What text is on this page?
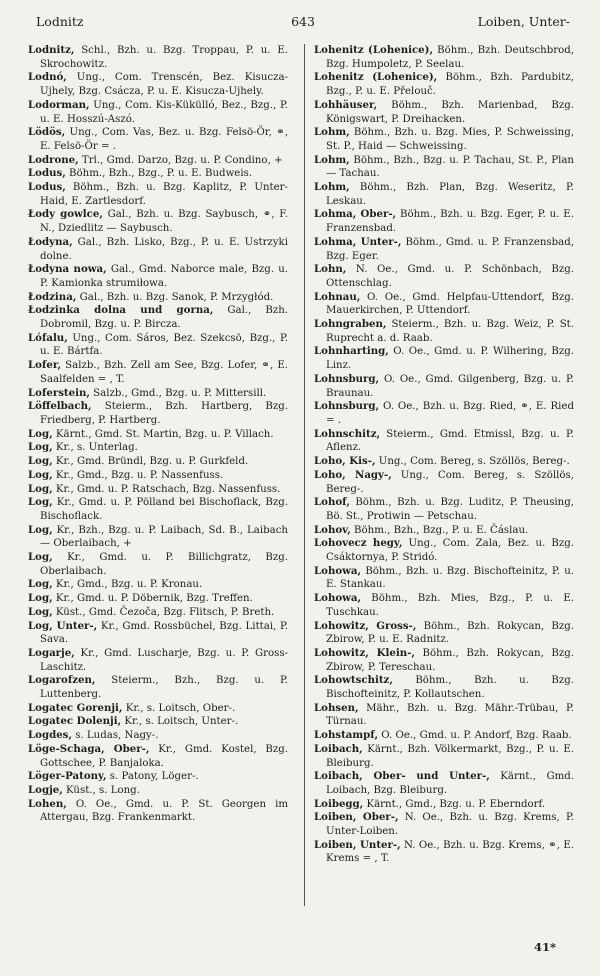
Lodnitz	643	Loiben, Unter-
Lodnitz, Schl., Bzh. u. Bzg. Troppau, P. u. E. Skrochowitz.
Lodnó, Ung., Com. Trenscén, Bez. Kisucza-Ujhely, Bzg. Csácza, P. u. E. Kisucza-Ujhely.
Lodorman, Ung., Com. Kis-Kükülló, Bez., Bzg., P. u. E. Hosszú-Aszó.
Lödös, Ung., Com. Vas, Bez. u. Bzg. Felsö-Ör, ⚭, E. Felsö-Ör = .
Lodrone, Trl., Gmd. Darzo, Bzg. u. P. Condino, +
Lodus, Böhm., Bzh., Bzg., P. u. E. Budweis.
Lodus, Böhm., Bzh. u. Bzg. Kaplitz, P. Unter-Haid, E. Zartlesdorf.
Łody gowlce, Gal., Bzh. u. Bzg. Saybusch, ⚭, F. N., Dziedlitz — Saybusch.
Łodyna, Gal., Bzh. Lisko, Bzg., P. u. E. Ustrzyki dolne.
Łodyna nowa, Gal., Gmd. Naborce male, Bzg. u. P. Kamionka strumiłowa.
Łodzina, Gal., Bzh. u. Bzg. Sanok, P. Mrzygłód.
Łodzinka dolna und gorna, Gal., Bzh. Dobromil, Bzg. u. P. Bircza.
Lófalu, Ung., Com. Sáros, Bez. Szekcsö, Bzg., P. u. E. Bártfa.
Lofer, Salzb., Bzh. Zell am See, Bzg. Lofer, ⚭, E. Saalfelden = , T.
Loferstein, Salzb., Gmd., Bzg. u. P. Mittersill.
Löffelbach, Steierm., Bzh. Hartberg, Bzg. Friedberg, P. Hartberg.
Log, Kärnt., Gmd. St. Martin, Bzg. u. P. Villach.
Log, Kr., s. Unterlag.
Log, Kr., Gmd. Bründl, Bzg. u. P. Gurkfeld.
Log, Kr., Gmd., Bzg. u. P. Nassenfuss.
Log, Kr., Gmd. u. P. Ratschach, Bzg. Nassenfuss.
Log, Kr., Gmd. u. P. Pölland bei Bischoflack, Bzg. Bischoflack.
Log, Kr., Bzh., Bzg. u. P. Laibach, Sd. B., Laibach — Oberlaibach, +
Log, Kr., Gmd. u. P. Billichgratz, Bzg. Oberlaibach.
Log, Kr., Gmd., Bzg. u. P. Kronau.
Log, Kr., Gmd. u. P. Döbernik, Bzg. Treffen.
Log, Küst., Gmd. Čezoča, Bzg. Flitsch, P. Breth.
Log, Unter-, Kr., Gmd. Rossbüchel, Bzg. Littai, P. Sava.
Logarje, Kr., Gmd. Luscharje, Bzg. u. P. Gross-Laschitz.
Logarofzen, Steierm., Bzh., Bzg. u. P. Luttenberg.
Logatec Gorenji, Kr., s. Loitsch, Ober-.
Logatec Dolenji, Kr., s. Loitsch, Unter-.
Logdes, s. Ludas, Nagy-.
Löge-Schaga, Ober-, Kr., Gmd. Kostel, Bzg. Gottschee, P. Banjaloka.
Löger-Patony, s. Patony, Löger-.
Logje, Küst., s. Long.
Lohen, O. Oe., Gmd. u. P. St. Georgen im Attergau, Bzg. Frankenmarkt.
Lohenitz (Lohenice), Böhm., Bzh. Deutschbrod, Bzg. Humpoletz, P. Seelau.
Lohenitz (Lohenice), Böhm., Bzh. Pardubitz, Bzg., P. u. E. Přelouč.
Lohhäuser, Böhm., Bzh. Marienbad, Bzg. Königswart, P. Dreihacken.
Lohm, Böhm., Bzh. u. Bzg. Mies, P. Schweissing, St. P., Haid — Schweissing.
Lohm, Böhm., Bzh., Bzg. u. P. Tachau, St. P., Plan — Tachau.
Lohm, Böhm., Bzh. Plan, Bzg. Weseritz, P. Leskau.
Lohma, Ober-, Böhm., Bzh. u. Bzg. Eger, P. u. E. Franzensbad.
Lohma, Unter-, Böhm., Gmd. u. P. Franzensbad, Bzg. Eger.
Lohn, N. Oe., Gmd. u. P. Schönbach, Bzg. Ottenschlag.
Lohnau, O. Oe., Gmd. Helpfau-Uttendorf, Bzg. Mauerkirchen, P. Uttendorf.
Lohngraben, Steierm., Bzh. u. Bzg. Weiz, P. St. Ruprecht a. d. Raab.
Lohnharting, O. Oe., Gmd. u. P. Wilhering, Bzg. Linz.
Lohnsburg, O. Oe., Gmd. Gilgenberg, Bzg. u. P. Braunau.
Lohnsburg, O. Oe., Bzh. u. Bzg. Ried, ⚭, E. Ried = .
Lohnschitz, Steierm., Gmd. Etmissl, Bzg. u. P. Aflenz.
Loho, Kis-, Ung., Com. Bereg, s. Szöllös, Bereg-.
Loho, Nagy-, Ung., Com. Bereg, s. Szöllös, Bereg-.
Lohof, Böhm., Bzh. u. Bzg. Luditz, P. Theusing, Bö. St., Protiwin — Petschau.
Lohov, Böhm., Bzh., Bzg., P. u. E. Čáslau.
Lohovecz hegy, Ung., Com. Zala, Bez. u. Bzg. Csáktornya, P. Stridó.
Lohowa, Böhm., Bzh. u. Bzg. Bischofteinitz, P. u. E. Stankau.
Lohowa, Böhm., Bzh. Mies, Bzg., P. u. E. Tuschkau.
Lohowitz, Gross-, Böhm., Bzh. Rokycan, Bzg. Zbirow, P. u. E. Radnitz.
Lohowitz, Klein-, Böhm., Bzh. Rokycan, Bzg. Zbirow, P. Tereschau.
Lohowtschitz, Böhm., Bzh. u. Bzg. Bischofteinitz, P. Kollautschen.
Lohsen, Mähr., Bzh. u. Bzg. Mähr.-Trübau, P. Türnau.
Lohstampf, O. Oe., Gmd. u. P. Andorf, Bzg. Raab.
Loibach, Kärnt., Bzh. Völkermarkt, Bzg., P. u. E. Bleiburg.
Loibach, Ober- und Unter-, Kärnt., Gmd. Loibach, Bzg. Bleiburg.
Loibegg, Kärnt., Gmd., Bzg. u. P. Eberndorf.
Loiben, Ober-, N. Oe., Bzh. u. Bzg. Krems, P. Unter-Loiben.
Loiben, Unter-, N. Oe., Bzh. u. Bzg. Krems, ⚭, E. Krems = , T.
41*
